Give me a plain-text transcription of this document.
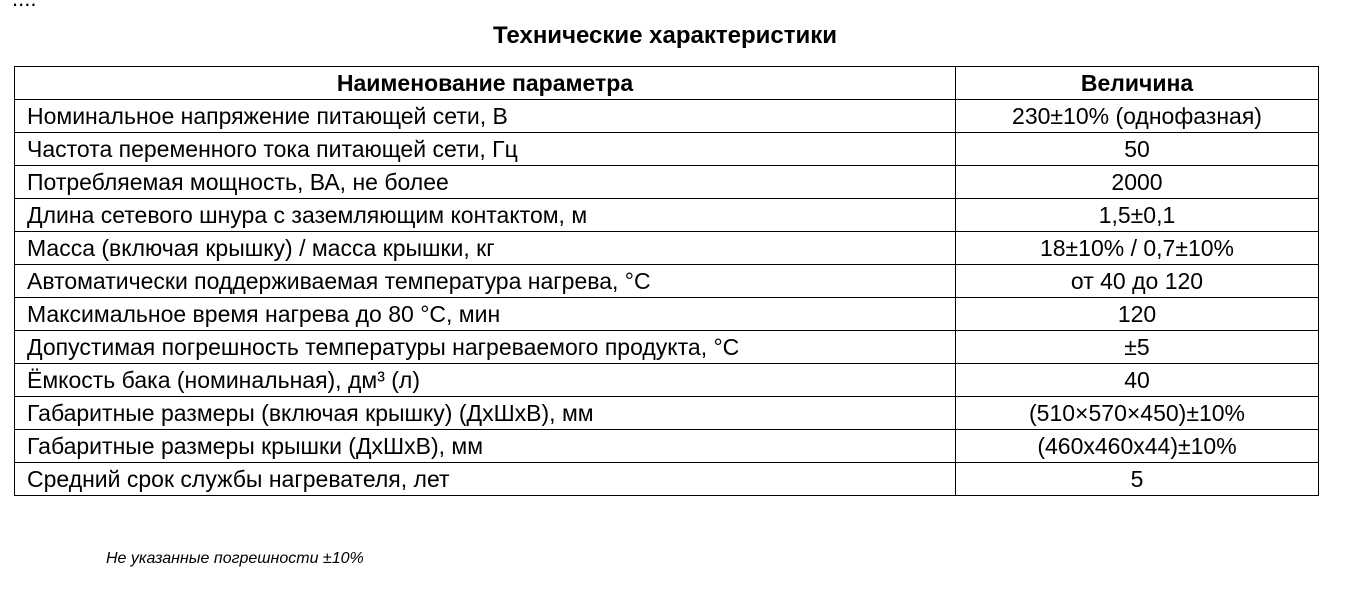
Технические характеристики
Наименование параметра	Величина
Номинальное напряжение питающей сети, В	230±10% (однофазная)
Частота переменного тока питающей сети, Гц	50
Потребляемая мощность, ВА, не более	2000
Длина сетевого шнура с заземляющим контактом, м	1,5±0,1
Масса (включая крышку) / масса крышки, кг	18±10% / 0,7±10%
Автоматически поддерживаемая температура нагрева, °С	от 40 до 120
Максимальное время нагрева до 80 °С, мин	120
Допустимая погрешность температуры нагреваемого продукта, °С	±5
Ёмкость бака (номинальная), дм³ (л)	40
Габаритные размеры (включая крышку) (ДхШхВ), мм	(510×570×450)±10%
Габаритные размеры крышки (ДхШхВ), мм	(460x460x44)±10%
Средний срок службы нагревателя, лет	5
Не указанные погрешности ±10%
